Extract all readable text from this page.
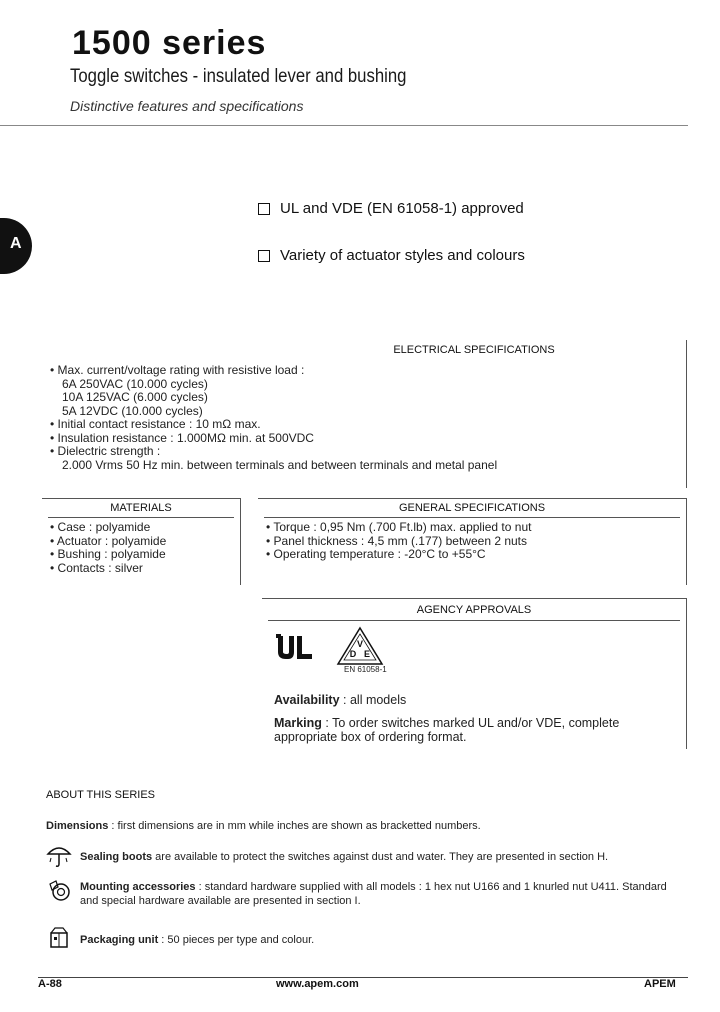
1500 series
Toggle switches - insulated lever and bushing
Distinctive features and specifications
A
UL and VDE (EN 61058-1) approved
Variety of actuator styles and colours
ELECTRICAL SPECIFICATIONS
• Max. current/voltage rating with resistive load :
6A 250VAC (10.000 cycles)
10A 125VAC (6.000 cycles)
5A 12VDC (10.000 cycles)
• Initial contact resistance : 10 mΩ max.
• Insulation resistance : 1.000MΩ min. at 500VDC
• Dielectric strength :
2.000 Vrms 50 Hz min. between terminals and between terminals and metal panel
MATERIALS
• Case : polyamide
• Actuator : polyamide
• Bushing : polyamide
• Contacts : silver
GENERAL SPECIFICATIONS
• Torque : 0,95 Nm (.700 Ft.lb) max. applied to nut
• Panel thickness : 4,5 mm (.177) between 2 nuts
• Operating temperature : -20°C to +55°C
AGENCY APPROVALS
V
D E
EN 61058-1
Availability : all models
Marking : To order switches marked UL and/or VDE, complete appropriate box of ordering format.
ABOUT THIS SERIES
Dimensions : first dimensions are in mm while inches are shown as bracketted numbers.
Sealing boots are available to protect the switches against dust and water. They are presented in section H.
Mounting accessories : standard hardware supplied with all models : 1 hex nut U166 and 1 knurled nut U411. Standard and special hardware available are presented in section I.
Packaging unit : 50 pieces per type and colour.
A-88	www.apem.com	APEM
